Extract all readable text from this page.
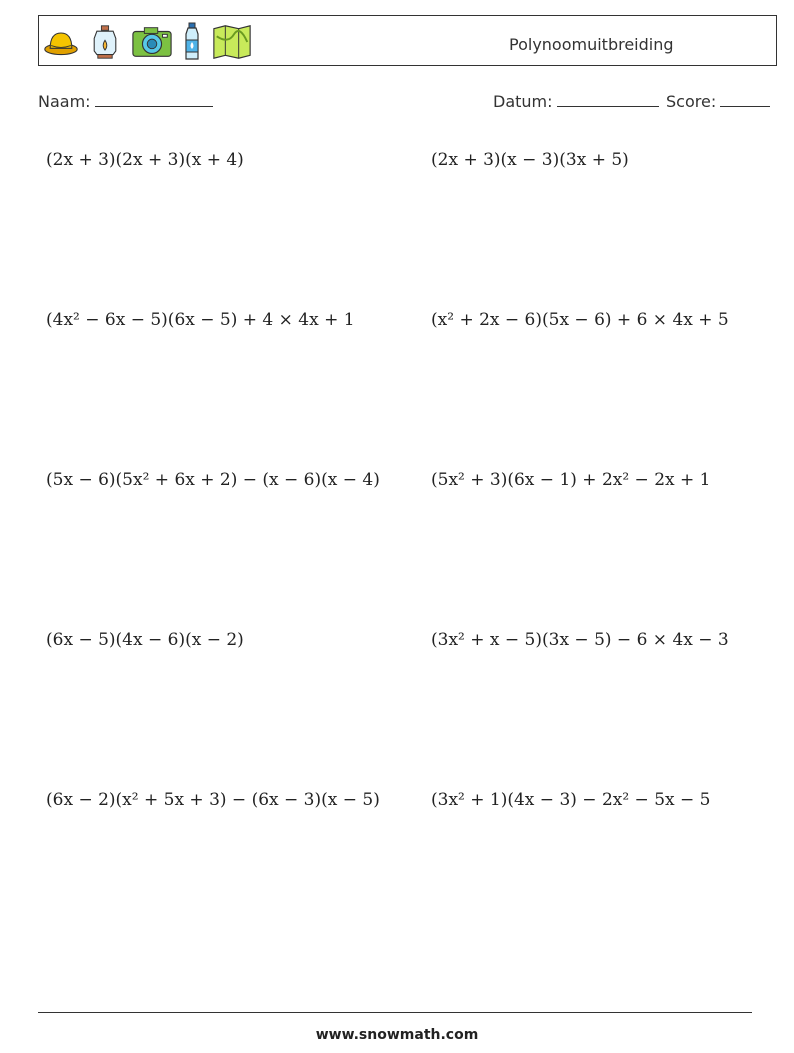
Polynoomuitbreiding
Naam:	Datum:	Score:
(2x + 3)(2x + 3)(x + 4)	(2x + 3)(x − 3)(3x + 5)
(4x² − 6x − 5)(6x − 5) + 4 × 4x + 1	(x² + 2x − 6)(5x − 6) + 6 × 4x + 5
(5x − 6)(5x² + 6x + 2) − (x − 6)(x − 4)	(5x² + 3)(6x − 1) + 2x² − 2x + 1
(6x − 5)(4x − 6)(x − 2)	(3x² + x − 5)(3x − 5) − 6 × 4x − 3
(6x − 2)(x² + 5x + 3) − (6x − 3)(x − 5)	(3x² + 1)(4x − 3) − 2x² − 5x − 5
www.snowmath.com
